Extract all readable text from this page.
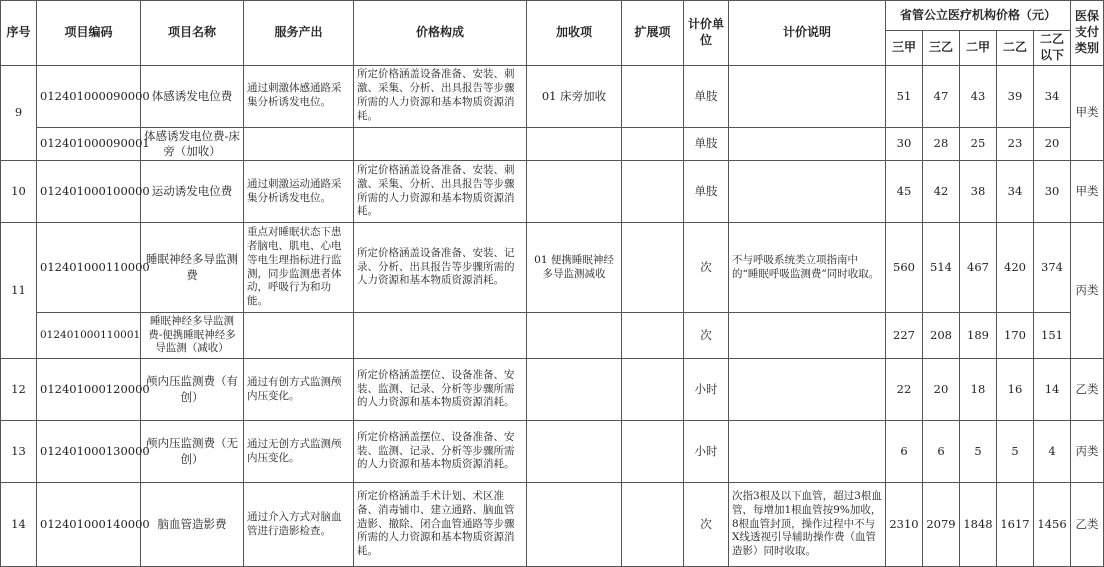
序号	项目编码	项目名称	服务产出	价格构成	加收项	扩展项	计价单位	计价说明	省管公立医疗机构价格（元）					医保支付类别
									三甲	三乙	二甲	二乙	二乙以下	
9	012401000090000	体感诱发电位费	通过刺激体感通路采集分析诱发电位。	所定价格涵盖设备准备、安装、刺激、采集、分析、出具报告等步骤所需的人力资源和基本物质资源消耗。	01 床旁加收		单肢		51	47	43	39	34	甲类
	012401000090001	体感诱发电位费-床旁（加收）					单肢		30	28	25	23	20	
10	012401000100000	运动诱发电位费	通过刺激运动通路采集分析诱发电位。	所定价格涵盖设备准备、安装、刺激、采集、分析、出具报告等步骤所需的人力资源和基本物质资源消耗。			单肢		45	42	38	34	30	甲类
11	012401000110000	睡眠神经多导监测费	重点对睡眠状态下患者脑电、肌电、心电等电生理指标进行监测，同步监测患者体动，呼吸行为和功能。	所定价格涵盖设备准备、安装、记录、分析、出具报告等步骤所需的人力资源和基本物质资源消耗。	01 便携睡眠神经多导监测减收		次	不与呼吸系统类立项指南中的“睡眠呼吸监测费”同时收取。	560	514	467	420	374	丙类
	012401000110001	睡眠神经多导监测费-便携睡眠神经多导监测（减收）					次		227	208	189	170	151	
12	012401000120000	颅内压监测费（有创）	通过有创方式监测颅内压变化。	所定价格涵盖摆位、设备准备、安装、监测、记录、分析等步骤所需的人力资源和基本物质资源消耗。			小时		22	20	18	16	14	乙类
13	012401000130000	颅内压监测费（无创）	通过无创方式监测颅内压变化。	所定价格涵盖摆位、设备准备、安装、监测、记录、分析等步骤所需的人力资源和基本物质资源消耗。			小时		6	6	5	5	4	丙类
14	012401000140000	脑血管造影费	通过介入方式对脑血管进行造影检查。	所定价格涵盖手术计划、术区准备、消毒铺巾、建立通路、脑血管造影、撤除、闭合血管通路等步骤所需的人力资源和基本物质资源消耗。			次	次指3根及以下血管，超过3根血管，每增加1根血管按9%加收，8根血管封顶，操作过程中不与X线透视引导辅助操作费（血管造影）同时收取。	2310	2079	1848	1617	1456	乙类
